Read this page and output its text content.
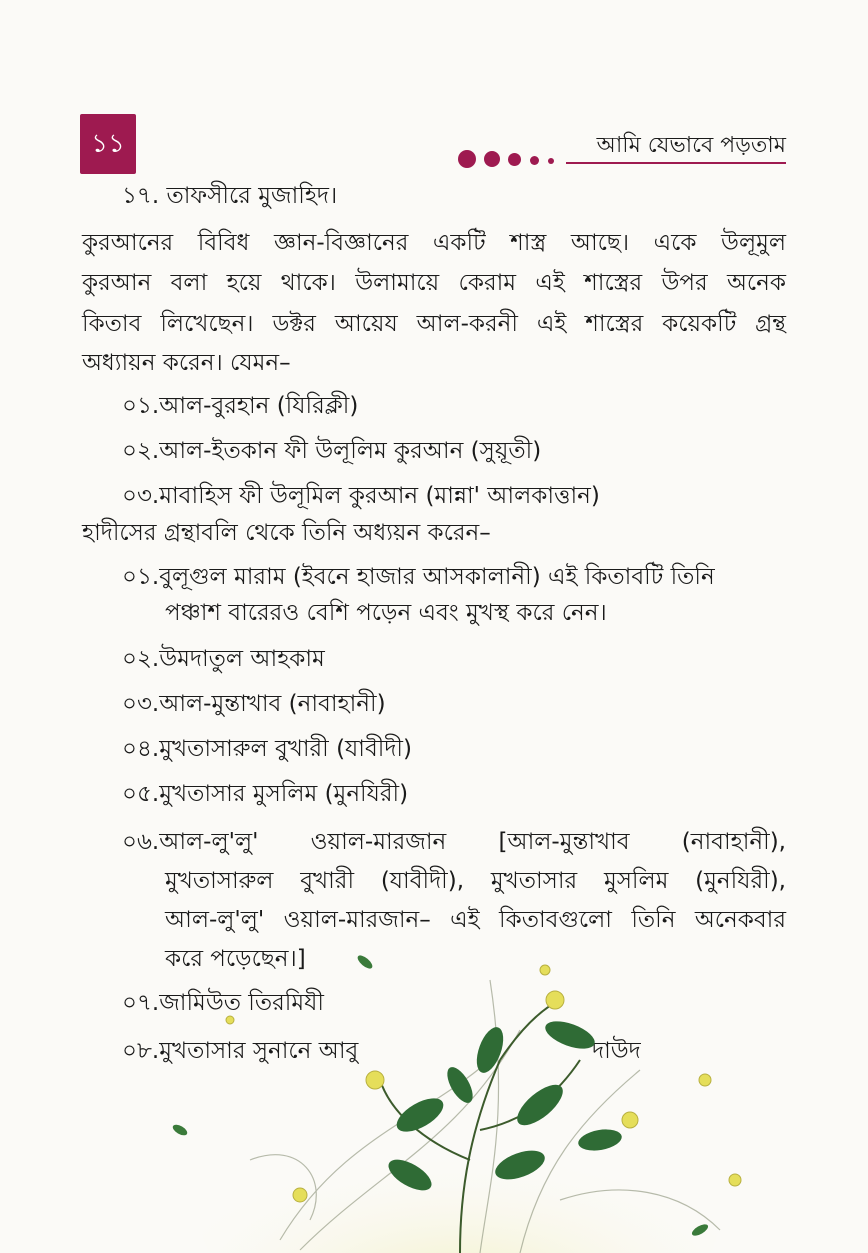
১১	আমি যেভাবে পড়তাম
১৭. তাফসীরে মুজাহিদ।
কুরআনের বিবিধ জ্ঞান-বিজ্ঞানের একটি শাস্ত্র আছে। একে উলূমুল
কুরআন বলা হয়ে থাকে। উলামায়ে কেরাম এই শাস্ত্রের উপর অনেক
কিতাব লিখেছেন। ডক্টর আয়েয আল-করনী এই শাস্ত্রের কয়েকটি গ্রন্থ
অধ্যায়ন করেন। যেমন–
০১.আল-বুরহান (যিরিক্লী)
০২.আল-ইতকান ফী উলূলিম কুরআন (সুয়ূতী)
০৩.মাবাহিস ফী উলূমিল কুরআন (মান্না' আলকাত্তান)
হাদীসের গ্রন্থাবলি থেকে তিনি অধ্যয়ন করেন–
০১.বুলূগুল মারাম (ইবনে হাজার আসকালানী) এই কিতাবটি তিনি
পঞ্চাশ বারেরও বেশি পড়েন এবং মুখস্থ করে নেন।
০২.উমদাতুল আহকাম
০৩.আল-মুন্তাখাব (নাবাহানী)
০৪.মুখতাসারুল বুখারী (যাবীদী)
০৫.মুখতাসার মুসলিম (মুনযিরী)
০৬.আল-লু'লু' ওয়াল-মারজান [আল-মুন্তাখাব (নাবাহানী),
মুখতাসারুল বুখারী (যাবীদী), মুখতাসার মুসলিম (মুনযিরী),
আল-লু'লু' ওয়াল-মারজান– এই কিতাবগুলো তিনি অনেকবার
করে পড়েছেন।]
০৭.জামিউত তিরমিযী
০৮.মুখতাসার সুনানে আবু	দাউদ
